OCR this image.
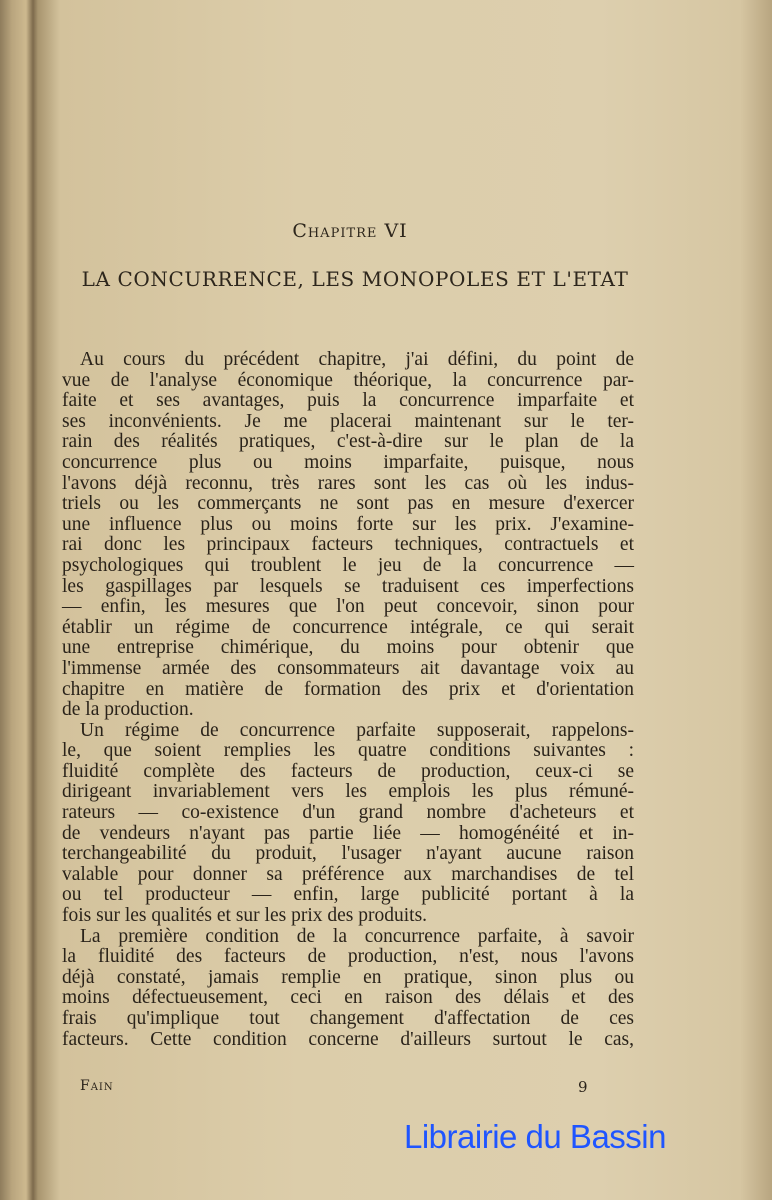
Chapitre VI
LA CONCURRENCE, LES MONOPOLES ET L'ETAT
Au cours du précédent chapitre, j'ai défini, du point de
vue de l'analyse économique théorique, la concurrence par-
faite et ses avantages, puis la concurrence imparfaite et
ses inconvénients. Je me placerai maintenant sur le ter-
rain des réalités pratiques, c'est-à-dire sur le plan de la
concurrence plus ou moins imparfaite, puisque, nous
l'avons déjà reconnu, très rares sont les cas où les indus-
triels ou les commerçants ne sont pas en mesure d'exercer
une influence plus ou moins forte sur les prix. J'examine-
rai donc les principaux facteurs techniques, contractuels et
psychologiques qui troublent le jeu de la concurrence —
les gaspillages par lesquels se traduisent ces imperfections
— enfin, les mesures que l'on peut concevoir, sinon pour
établir un régime de concurrence intégrale, ce qui serait
une entreprise chimérique, du moins pour obtenir que
l'immense armée des consommateurs ait davantage voix au
chapitre en matière de formation des prix et d'orientation
de la production.
Un régime de concurrence parfaite supposerait, rappelons-
le, que soient remplies les quatre conditions suivantes :
fluidité complète des facteurs de production, ceux-ci se
dirigeant invariablement vers les emplois les plus rémuné-
rateurs — co-existence d'un grand nombre d'acheteurs et
de vendeurs n'ayant pas partie liée — homogénéité et in-
terchangeabilité du produit, l'usager n'ayant aucune raison
valable pour donner sa préférence aux marchandises de tel
ou tel producteur — enfin, large publicité portant à la
fois sur les qualités et sur les prix des produits.
La première condition de la concurrence parfaite, à savoir
la fluidité des facteurs de production, n'est, nous l'avons
déjà constaté, jamais remplie en pratique, sinon plus ou
moins défectueusement, ceci en raison des délais et des
frais qu'implique tout changement d'affectation de ces
facteurs. Cette condition concerne d'ailleurs surtout le cas,
Fain	9
Librairie du Bassin
